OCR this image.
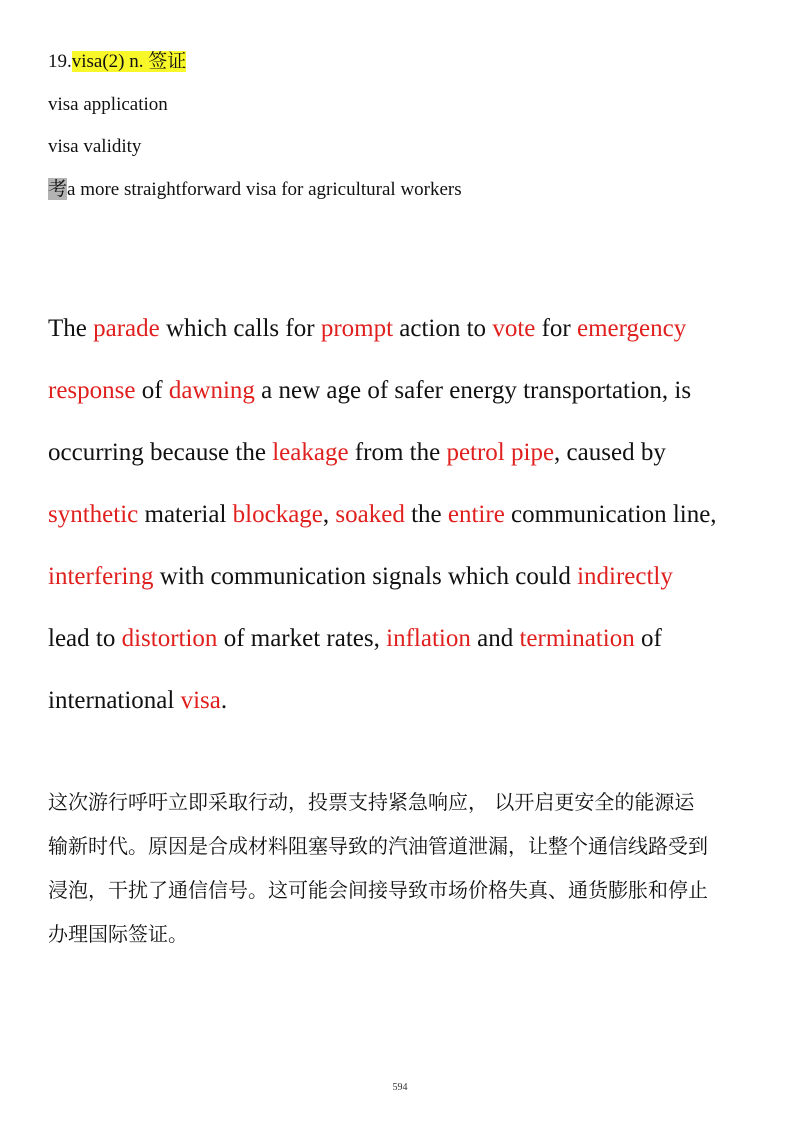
19.visa(2) n. 签证
visa application
visa validity
考a more straightforward visa for agricultural workers
The parade which calls for prompt action to vote for emergency
response of dawning a new age of safer energy transportation, is
occurring because the leakage from the petrol pipe, caused by
synthetic material blockage, soaked the entire communication line,
interfering with communication signals which could indirectly
lead to distortion of market rates, inflation and termination of
international visa.
这次游行呼吁立即采取行动，投票支持紧急响应， 以开启更安全的能源运
输新时代。原因是合成材料阻塞导致的汽油管道泄漏，让整个通信线路受到
浸泡，干扰了通信信号。这可能会间接导致市场价格失真、通货膨胀和停止
办理国际签证。
594
